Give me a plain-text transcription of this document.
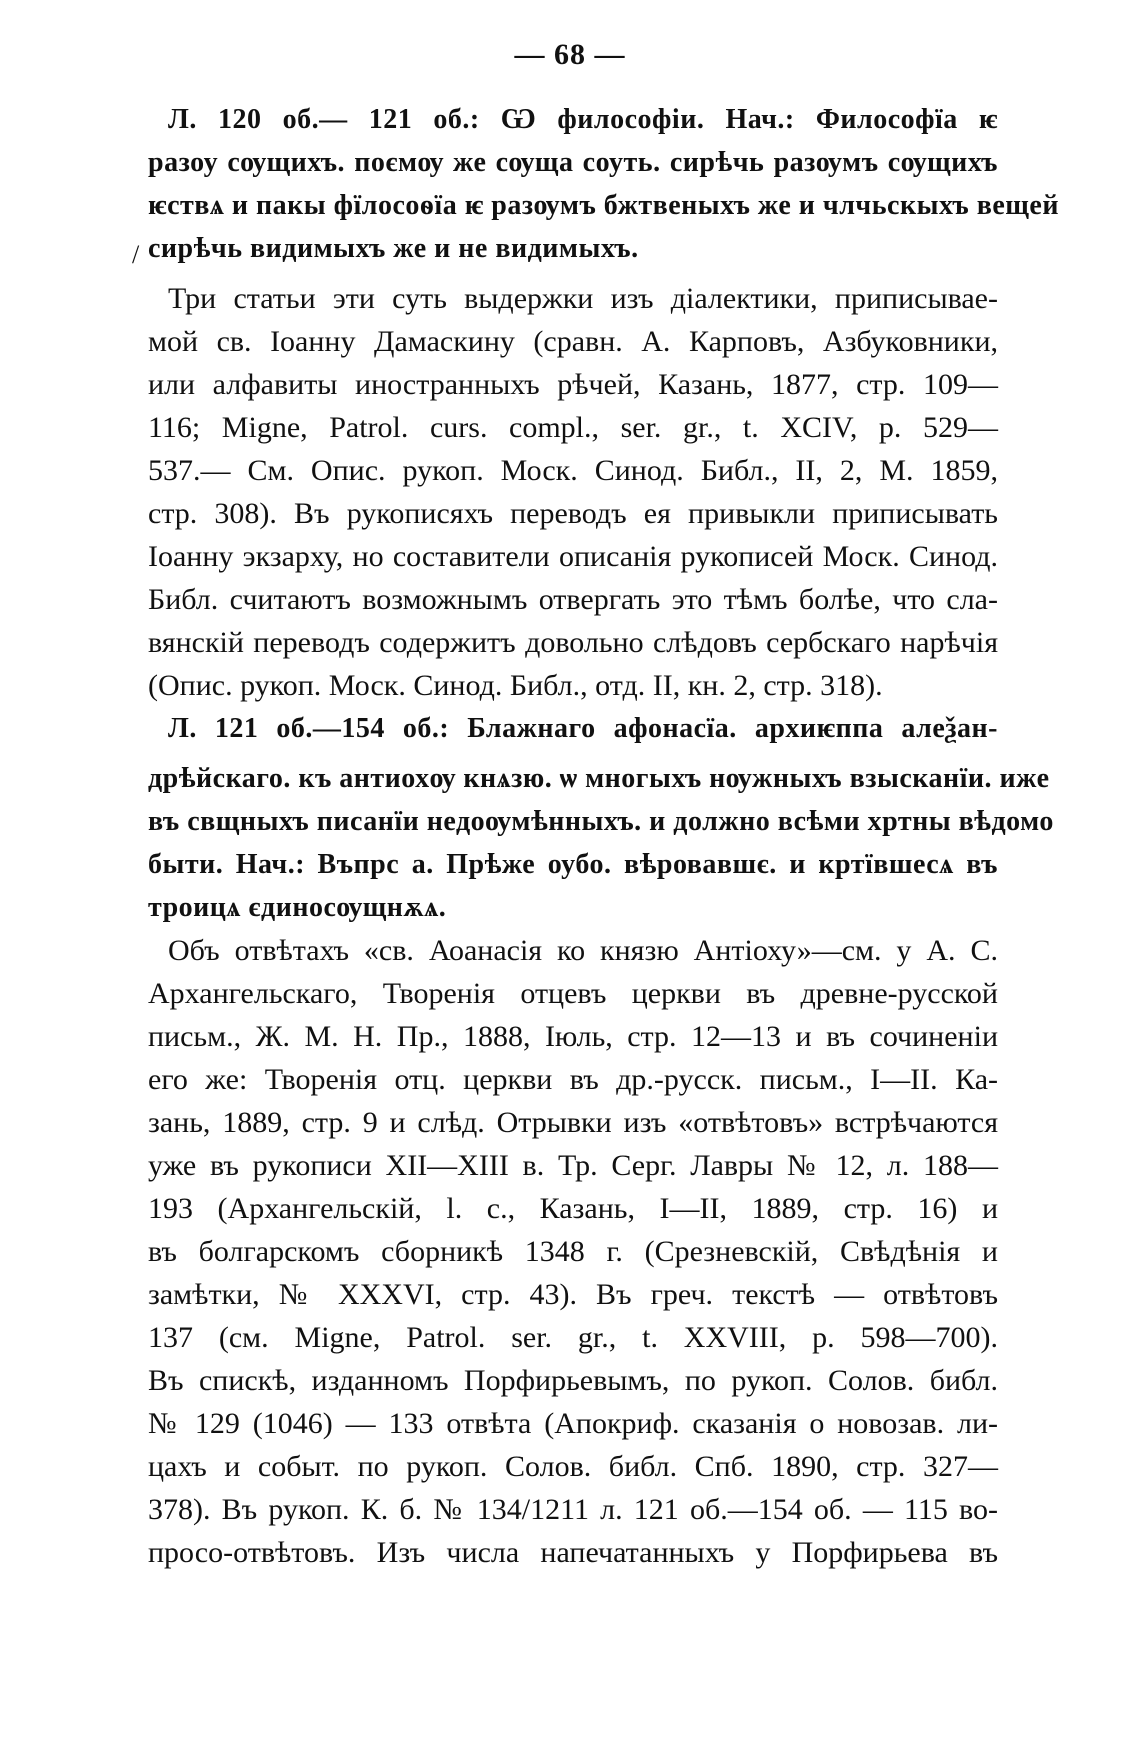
— 68 —
/
Л. 120 об.— 121 об.: Ѡ философіи. Нач.: Философїа ѥ
разоу сѹщихъ. поємѹ же сѹща соуть. сирѣчь разѹмъ сѹщихъ
ѥствѧ и пакы фїлосоѳїа ѥ разѹмъ бжтвеныхъ же и члчьскыхъ вещей
сирѣчь видимыхъ же и не видимыхъ.
Три статьи эти суть выдержки изъ діалектики, приписывае-
мой св. Іоанну Дамаскину (сравн. А. Карповъ, Азбуковники,
или алфавиты иностранныхъ рѣчей, Казань, 1877, стр. 109—
116; Migne, Patrol. curs. compl., ser. gr., t. XCIV, p. 529—
537.— См. Опис. рукоп. Моск. Синод. Библ., II, 2, М. 1859,
стр. 308). Въ рукописяхъ переводъ ея привыкли приписывать
Іоанну экзарху, но составители описанія рукописей Моск. Синод.
Библ. считаютъ возможнымъ отвергать это тѣмъ болѣе, что сла-
вянскій переводъ содержитъ довольно слѣдовъ сербскаго нарѣчія
(Опис. рукоп. Моск. Синод. Библ., отд. II, кн. 2, стр. 318).
Л. 121 об.—154 об.: Блажнаго афонасїа. архиѥппа алеѯан-
дрѣйскаго. къ антиохѹ кнѧзю. ѡ многыхъ нѹжныхъ взысканїи. иже
въ свщныхъ писанїи недоѹмѣнныхъ. и должно всѣми хртны вѣдомо
быти. Нач.: Въпрс а. Прѣже оубо. вѣровавшє. и кртївшесѧ въ
троицѧ єдиносѹщнѫѧ.
Объ отвѣтахъ «св. Аоанасія ко князю Антіоху»—см. у А. С.
Архангельскаго, Творенія отцевъ церкви въ древне-русской
письм., Ж. М. Н. Пр., 1888, Іюль, стр. 12—13 и въ сочиненіи
его же: Творенія отц. церкви въ др.-русск. письм., I—II. Ка-
зань, 1889, стр. 9 и слѣд. Отрывки изъ «отвѣтовъ» встрѣчаются
уже въ рукописи XII—XIII в. Тр. Серг. Лавры № 12, л. 188—
193 (Архангельскій, l. c., Казань, I—II, 1889, стр. 16) и
въ болгарскомъ сборникѣ 1348 г. (Срезневскій, Свѣдѣнія и
замѣтки, № XXXVI, стр. 43). Въ греч. текстѣ — отвѣтовъ
137 (см. Migne, Patrol. ser. gr., t. XXVIII, p. 598—700).
Въ спискѣ, изданномъ Порфирьевымъ, по рукоп. Солов. библ.
№ 129 (1046) — 133 отвѣта (Апокриф. сказанія о новозав. ли-
цахъ и событ. по рукоп. Солов. библ. Спб. 1890, стр. 327—
378). Въ рукоп. К. б. № 134/1211 л. 121 об.—154 об. — 115 во-
просо-отвѣтовъ. Изъ числа напечатанныхъ у Порфирьева въ
